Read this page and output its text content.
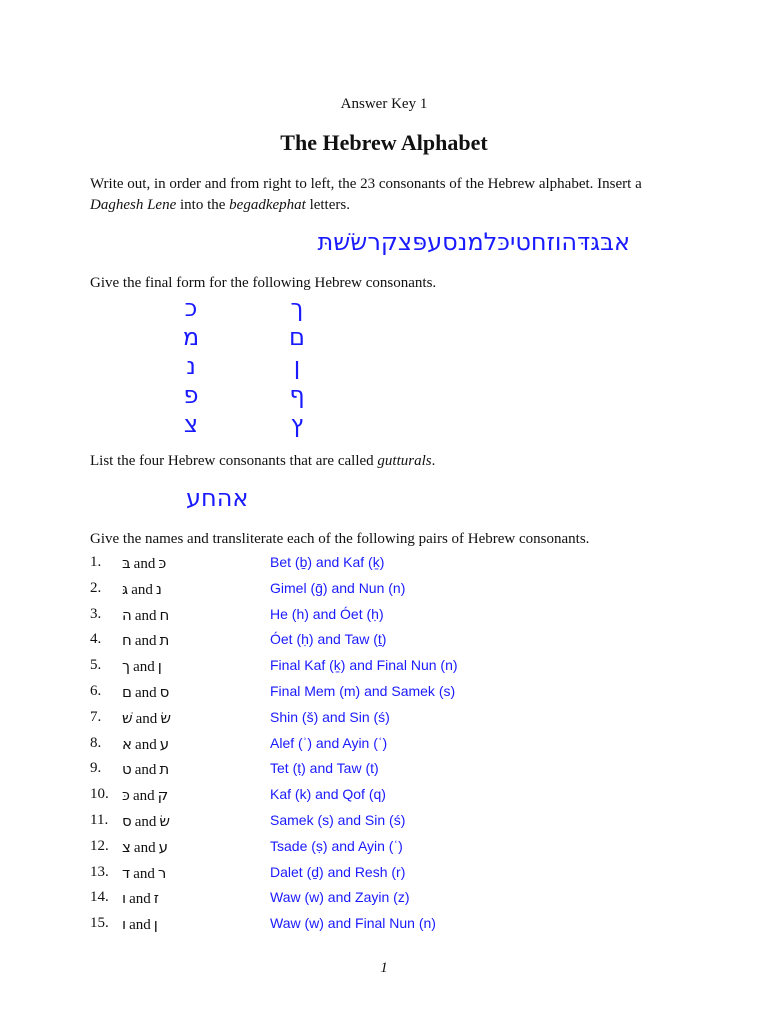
Answer Key 1
The Hebrew Alphabet
Write out, in order and from right to left, the 23 consonants of the Hebrew alphabet. Insert a
Daghesh Lene into the begadkephat letters.
אבּגּדּהוזחטיכּלמנסעפּצקרשׂשׁתּ
Give the final form for the following Hebrew consonants.
כ	ך
מ	ם
נ	ן
פ	ף
צ	ץ
List the four Hebrew consonants that are called gutturals.
אהחע
Give the names and transliterate each of the following pairs of Hebrew consonants.
1. בּ and כּ	Bet (ḇ) and Kaf (ḵ)
2. גּ and נ	Gimel (ḡ) and Nun (n)
3. ה and ח	He (h) and Óet (ḥ)
4. ח and ת	Óet (ḥ) and Taw (ṯ)
5. ך and ן	Final Kaf (ḵ) and Final Nun (n)
6. ם and ס	Final Mem (m) and Samek (s)
7. שׁ and שׂ	Shin (š) and Sin (ś)
8. א and ע	Alef (ʾ) and Ayin (ʿ)
9. ט and ת	Tet (ṭ) and Taw (t)
10. כּ and ק	Kaf (k) and Qof (q)
11. ס and שׂ	Samek (s) and Sin (ś)
12. צ and ע	Tsade (ṣ) and Ayin (ʿ)
13. ד and ר	Dalet (ḏ) and Resh (r)
14. ו and ז	Waw (w) and Zayin (z)
15. ו and ן	Waw (w) and Final Nun (n)
1
